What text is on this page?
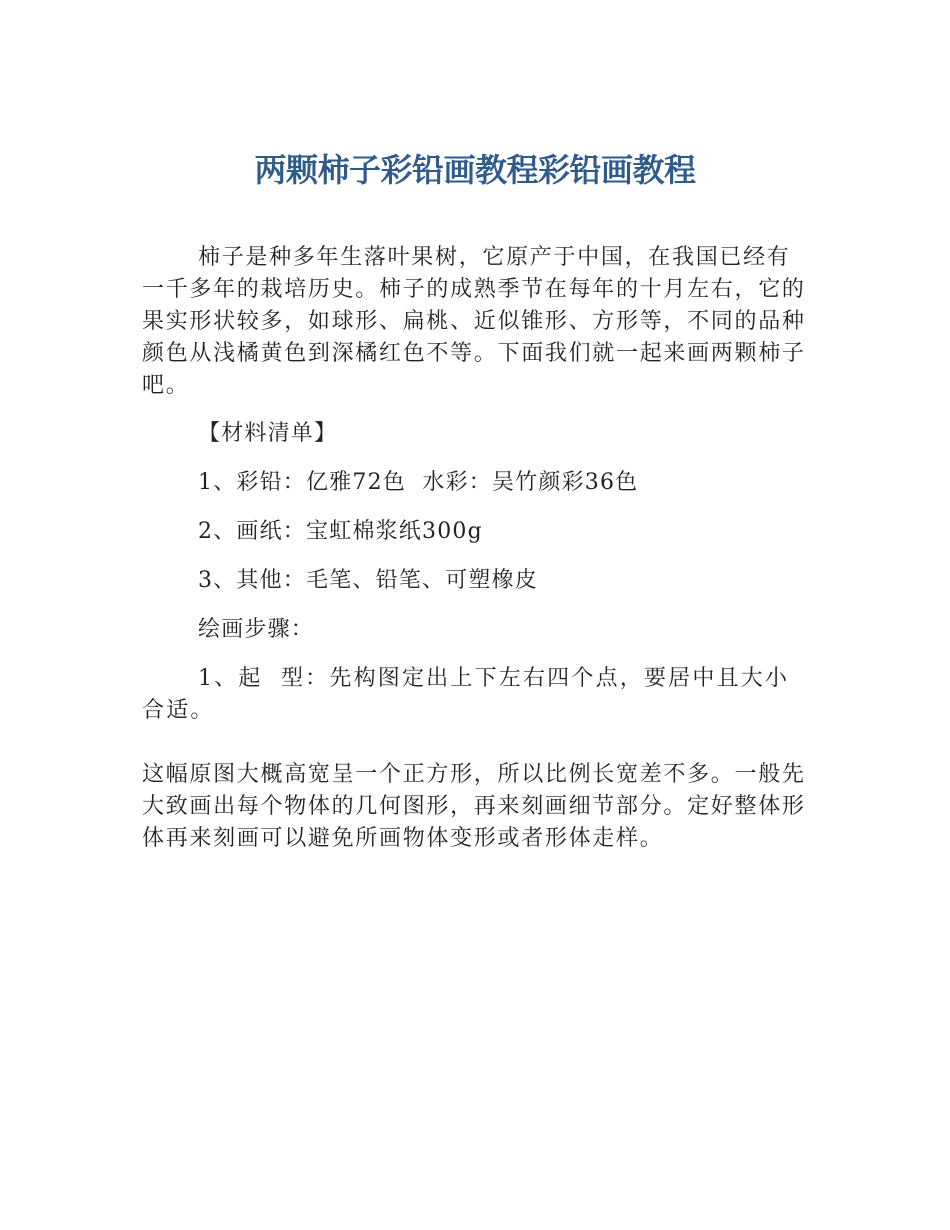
两颗柿子彩铅画教程彩铅画教程

柿子是种多年生落叶果树，它原产于中国，在我国已经有一千多年的栽培历史。柿子的成熟季节在每年的十月左右，它的果实形状较多，如球形、扁桃、近似锥形、方形等，不同的品种颜色从浅橘黄色到深橘红色不等。下面我们就一起来画两颗柿子吧。

【材料清单】

1、彩铅：亿雅72色  水彩：吴竹颜彩36色

2、画纸：宝虹棉浆纸300g

3、其他：毛笔、铅笔、可塑橡皮

绘画步骤：

1、起  型：先构图定出上下左右四个点，要居中且大小合适。

这幅原图大概高宽呈一个正方形，所以比例长宽差不多。一般先大致画出每个物体的几何图形，再来刻画细节部分。定好整体形体再来刻画可以避免所画物体变形或者形体走样。
